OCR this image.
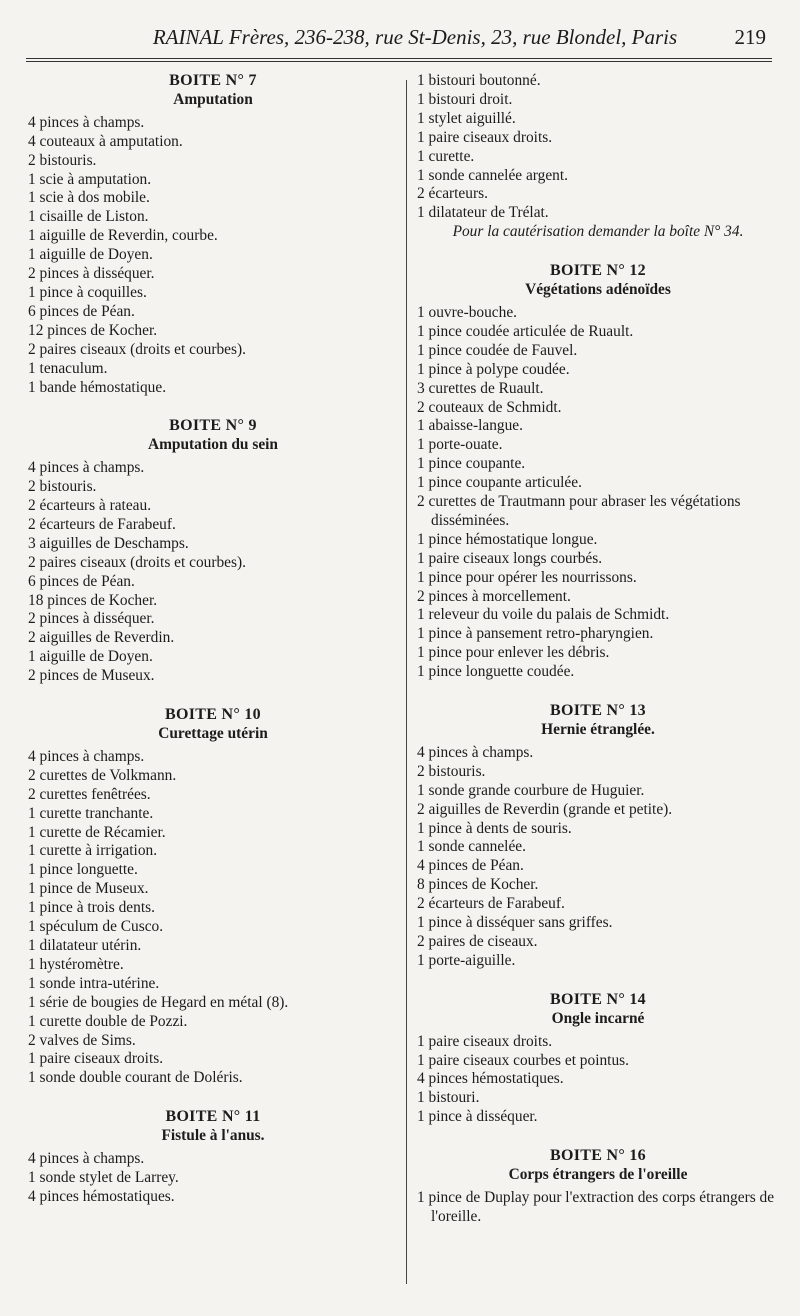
RAINAL Frères, 236-238, rue St-Denis, 23, rue Blondel, Paris	219

BOITE N° 7

Amputation

4 pinces à champs.

4 couteaux à amputation.

2 bistouris.

1 scie à amputation.

1 scie à dos mobile.

1 cisaille de Liston.

1 aiguille de Reverdin, courbe.

1 aiguille de Doyen.

2 pinces à disséquer.

1 pince à coquilles.

6 pinces de Péan.

12 pinces de Kocher.

2 paires ciseaux (droits et courbes).

1 tenaculum.

1 bande hémostatique.

BOITE N° 9

Amputation du sein

4 pinces à champs.

2 bistouris.

2 écarteurs à rateau.

2 écarteurs de Farabeuf.

3 aiguilles de Deschamps.

2 paires ciseaux (droits et courbes).

6 pinces de Péan.

18 pinces de Kocher.

2 pinces à disséquer.

2 aiguilles de Reverdin.

1 aiguille de Doyen.

2 pinces de Museux.

BOITE N° 10

Curettage utérin

4 pinces à champs.

2 curettes de Volkmann.

2 curettes fenêtrées.

1 curette tranchante.

1 curette de Récamier.

1 curette à irrigation.

1 pince longuette.

1 pince de Museux.

1 pince à trois dents.

1 spéculum de Cusco.

1 dilatateur utérin.

1 hystéromètre.

1 sonde intra-utérine.

1 série de bougies de Hegard en métal (8).

1 curette double de Pozzi.

2 valves de Sims.

1 paire ciseaux droits.

1 sonde double courant de Doléris.

BOITE N° 11

Fistule à l'anus.

4 pinces à champs.

1 sonde stylet de Larrey.

4 pinces hémostatiques.

1 bistouri boutonné.

1 bistouri droit.

1 stylet aiguillé.

1 paire ciseaux droits.

1 curette.

1 sonde cannelée argent.

2 écarteurs.

1 dilatateur de Trélat.

Pour la cautérisation demander la boîte N° 34.

BOITE N° 12

Végétations adénoïdes

1 ouvre-bouche.

1 pince coudée articulée de Ruault.

1 pince coudée de Fauvel.

1 pince à polype coudée.

3 curettes de Ruault.

2 couteaux de Schmidt.

1 abaisse-langue.

1 porte-ouate.

1 pince coupante.

1 pince coupante articulée.

2 curettes de Trautmann pour abraser les végétations disséminées.

1 pince hémostatique longue.

1 paire ciseaux longs courbés.

1 pince pour opérer les nourrissons.

2 pinces à morcellement.

1 releveur du voile du palais de Schmidt.

1 pince à pansement retro-pharyngien.

1 pince pour enlever les débris.

1 pince longuette coudée.

BOITE N° 13

Hernie étranglée.

4 pinces à champs.

2 bistouris.

1 sonde grande courbure de Huguier.

2 aiguilles de Reverdin (grande et petite).

1 pince à dents de souris.

1 sonde cannelée.

4 pinces de Péan.

8 pinces de Kocher.

2 écarteurs de Farabeuf.

1 pince à disséquer sans griffes.

2 paires de ciseaux.

1 porte-aiguille.

BOITE N° 14

Ongle incarné

1 paire ciseaux droits.

1 paire ciseaux courbes et pointus.

4 pinces hémostatiques.

1 bistouri.

1 pince à disséquer.

BOITE N° 16

Corps étrangers de l'oreille

1 pince de Duplay pour l'extraction des corps étrangers de l'oreille.
